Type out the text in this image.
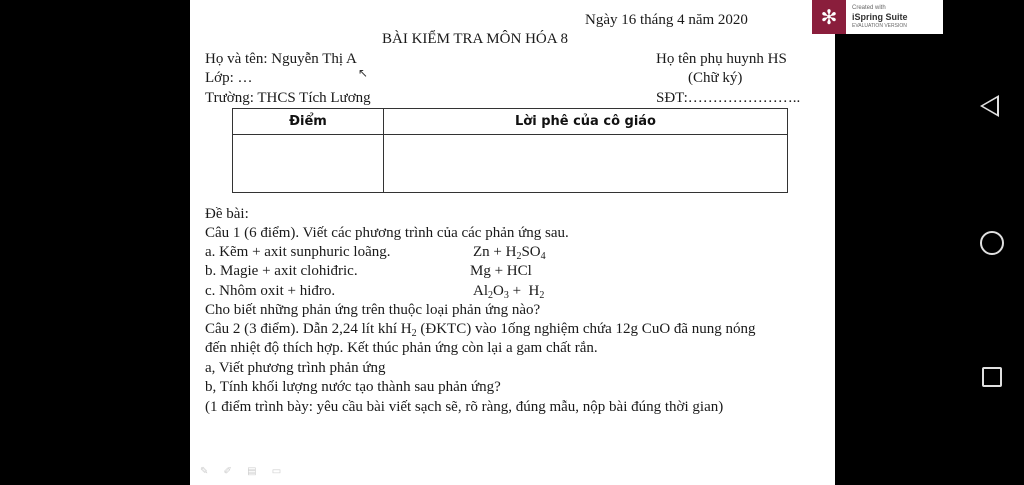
Ngày 16 tháng 4 năm 2020
BÀI KIỂM TRA MÔN HÓA 8
Họ và tên: Nguyễn Thị A
Lớp: …
Trường: THCS Tích Lương
Họ tên phụ huynh HS
(Chữ ký)
SĐT:…………………..
Điểm	Lời phê của cô giáo

Đề bài:
Câu 1 (6 điểm). Viết các phương trình của các phản ứng sau.
a. Kẽm + axit sunphuric loãng.	$Zn + H_2SO_4$
b. Magie + axit clohiđric.	Mg + HCl
c. Nhôm oxit + hiđro.	$Al_2O_3 + H_2$
Cho biết những phản ứng trên thuộc loại phản ứng nào?
Câu 2 (3 điểm). Dẫn 2,24 lít khí $H_2$ (ĐKTC) vào 1ống nghiệm chứa 12g CuO đã nung nóng
đến nhiệt độ thích hợp. Kết thúc phản ứng còn lại a gam chất rắn.
a, Viết phương trình phản ứng
b, Tính khối lượng nước tạo thành sau phản ứng?
(1 điểm trình bày: yêu cầu bài viết sạch sẽ, rõ ràng, đúng mẫu, nộp bài đúng thời gian)
↖
✻	Created with
iSpring Suite
EVALUATION VERSION
✎ ✐ ▤ ▭
